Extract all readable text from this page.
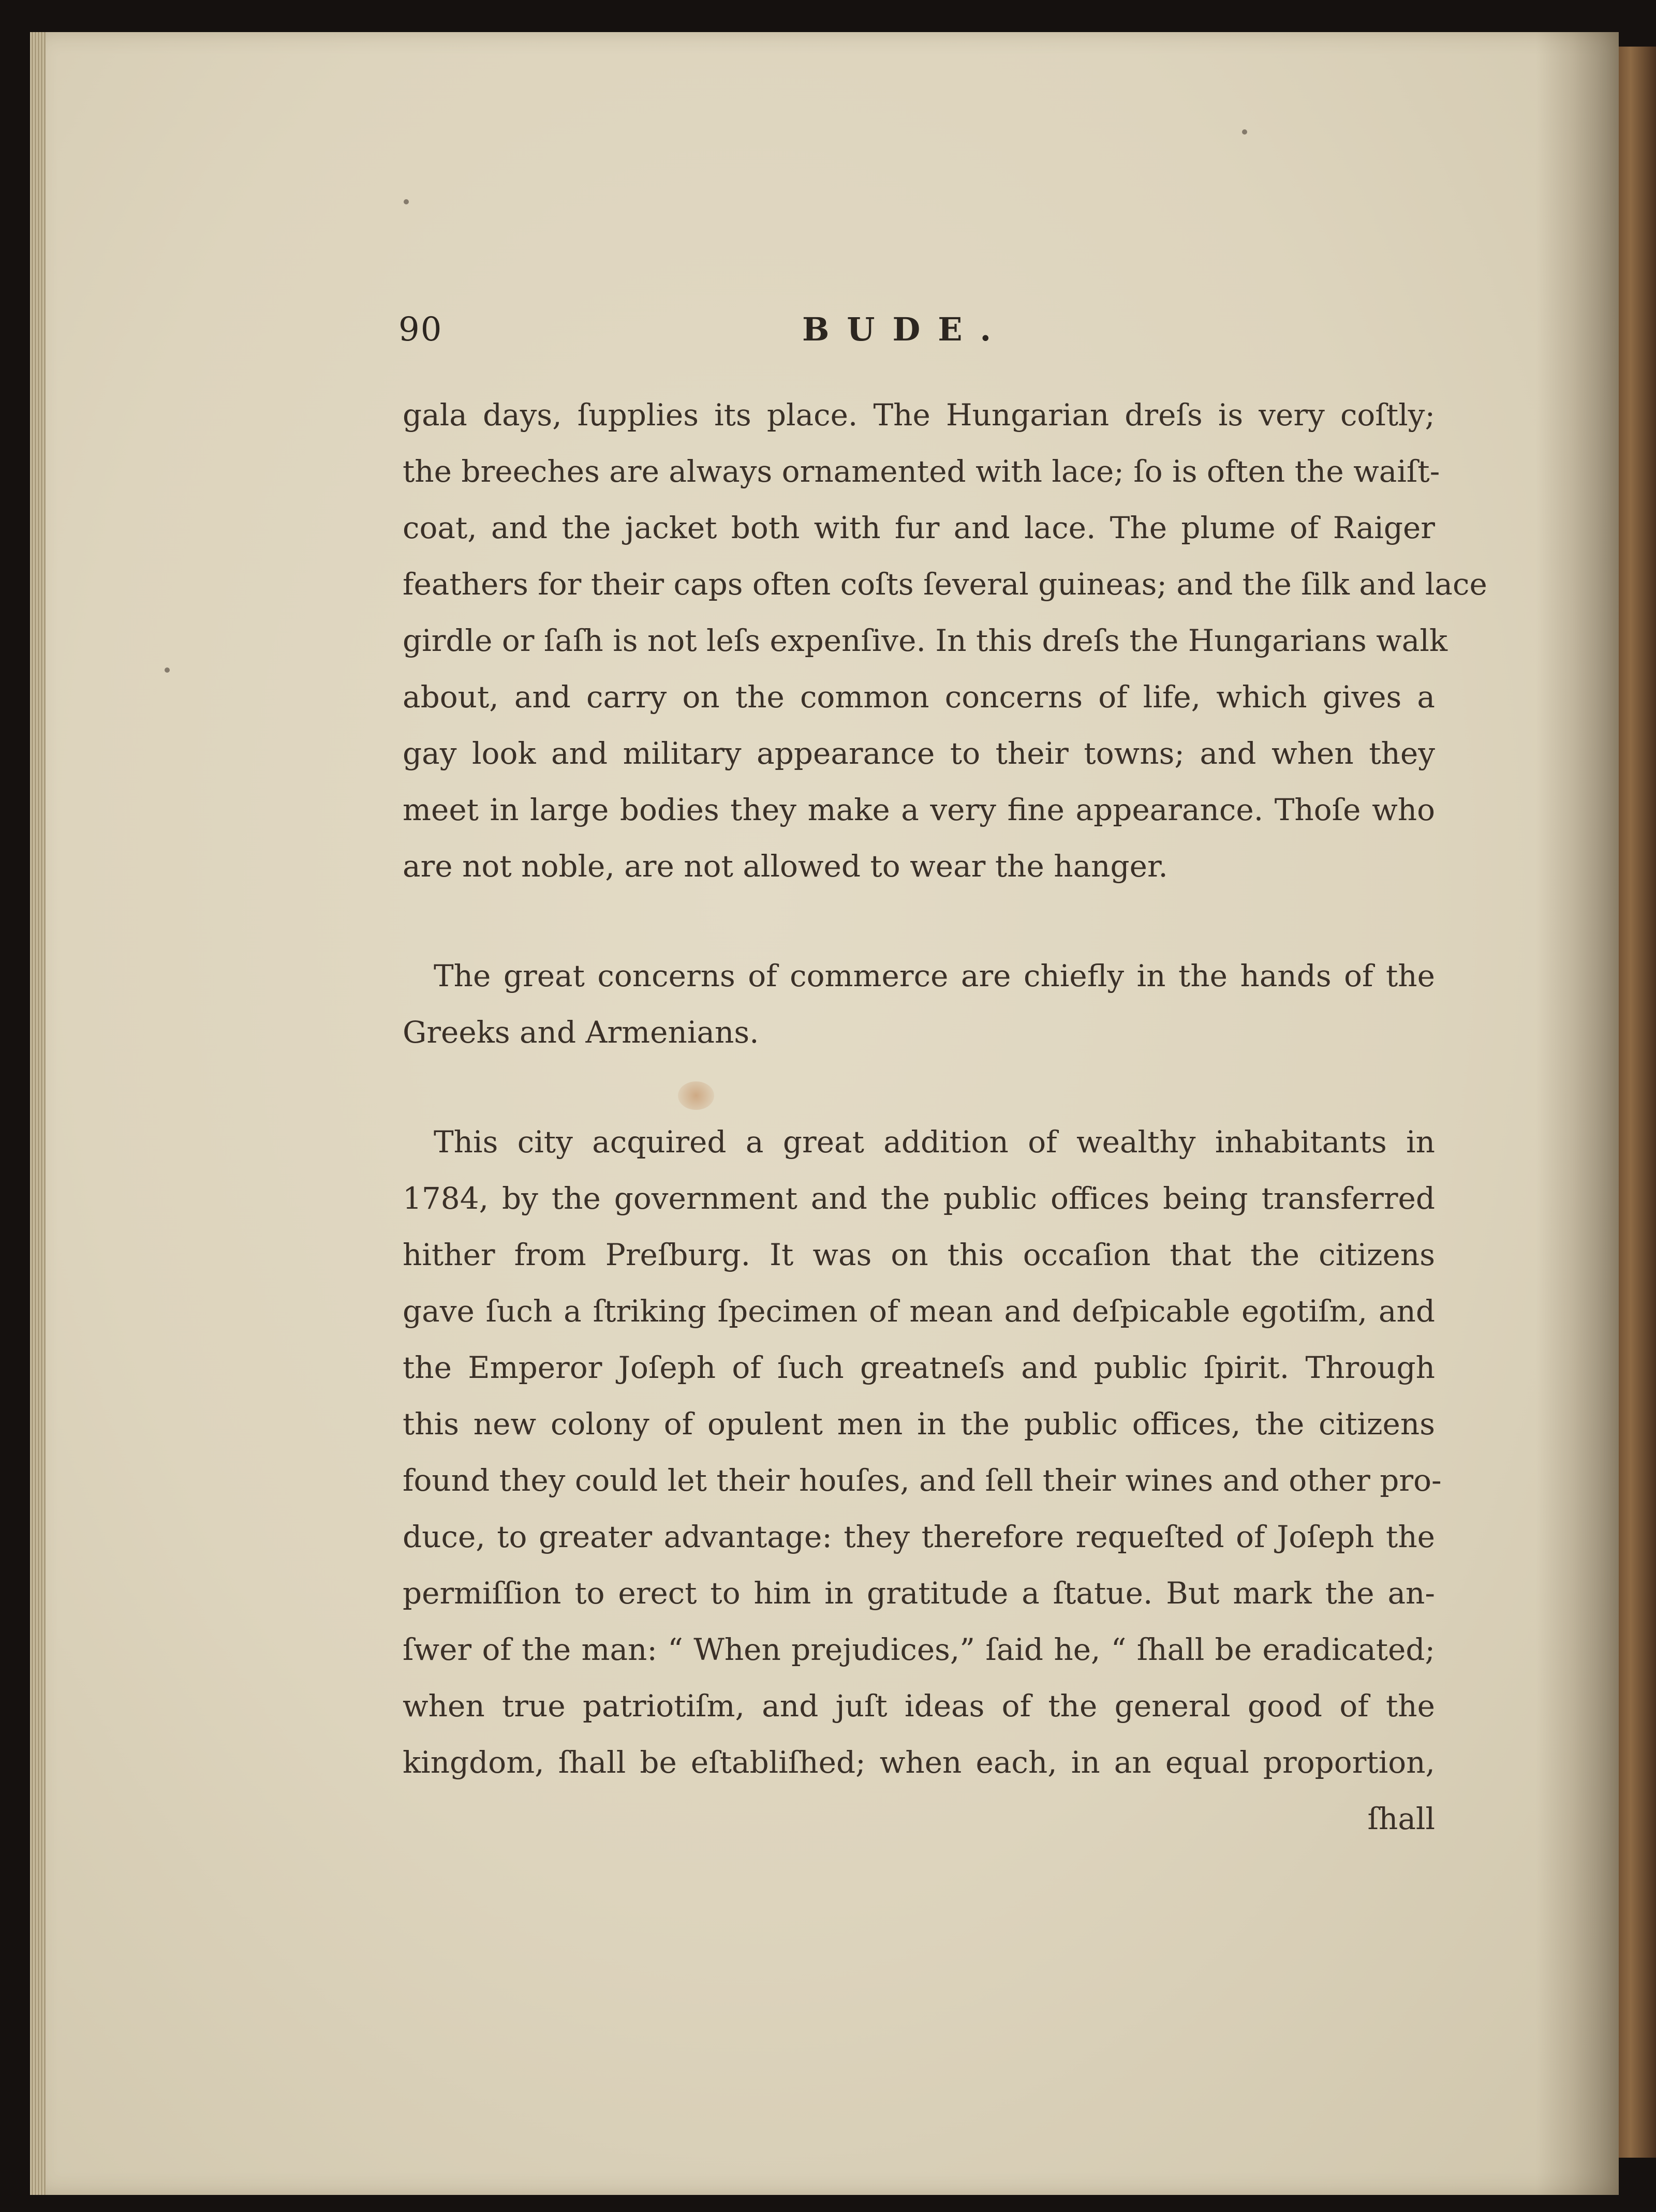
90	BUDE.
gala days, ſupplies its place. The Hungarian dreſs is very coſtly;
the breeches are always ornamented with lace; ſo is often the waiſt-
coat, and the jacket both with fur and lace. The plume of Raiger
feathers for their caps often coſts ſeveral guineas; and the ſilk and lace
girdle or ſaſh is not leſs expenſive. In this dreſs the Hungarians walk
about, and carry on the common concerns of life, which gives a
gay look and military appearance to their towns; and when they
meet in large bodies they make a very fine appearance. Thoſe who
are not noble, are not allowed to wear the hanger.
The great concerns of commerce are chiefly in the hands of the
Greeks and Armenians.
This city acquired a great addition of wealthy inhabitants in
1784, by the government and the public offices being transferred
hither from Preſburg. It was on this occaſion that the citizens
gave ſuch a ſtriking ſpecimen of mean and deſpicable egotiſm, and
the Emperor Joſeph of ſuch greatneſs and public ſpirit. Through
this new colony of opulent men in the public offices, the citizens
found they could let their houſes, and ſell their wines and other pro-
duce, to greater advantage: they therefore requeſted of Joſeph the
permiſſion to erect to him in gratitude a ſtatue. But mark the an-
ſwer of the man: “ When prejudices,” ſaid he, “ ſhall be eradicated;
when true patriotiſm, and juſt ideas of the general good of the
kingdom, ſhall be eſtabliſhed; when each, in an equal proportion,
ſhall
